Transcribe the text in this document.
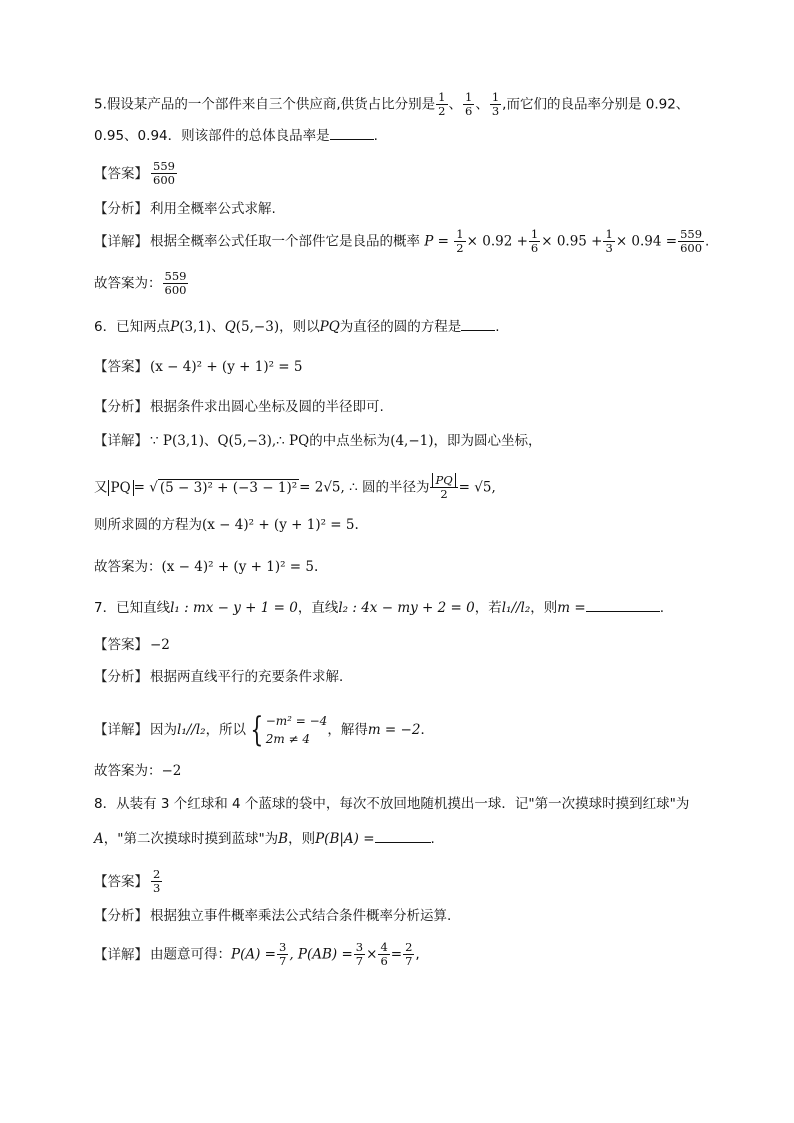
5.假设某产品的一个部件来自三个供应商,供货占比分别是 $\frac{1}{2}$ 、 $\frac{1}{6}$ 、 $\frac{1}{3}$ ,而它们的良品率分别是 0.92、
0.95、0.94．则该部件的总体良品率是	.
【答案】 $\frac{559}{600}$
【分析】 利用全概率公式求解.
【详解】 根据全概率公式任取一个部件它是良品的概率 $P = \frac{1}{2} \times 0.92 + \frac{1}{6} \times 0.95 + \frac{1}{3} \times 0.94 = \frac{559}{600}$ .
故答案为： $\frac{559}{600}$
6．已知两点P(3,1)、Q(5,−3)，则以PQ为直径的圆的方程是	.
【答案】 (x − 4)² + (y + 1)² = 5
【分析】 根据条件求出圆心坐标及圆的半径即可.
【详解】 ∵ P(3,1)、Q(5,−3),∴ PQ的中点坐标为(4,−1)，即为圆心坐标，
又 PQ = √ (5 − 3)² + (−3 − 1)² = 2√5, ∴ 圆的半径为 $\frac{PQ}{2} = √5$,
则所求圆的方程为(x − 4)² + (y + 1)² = 5.
故答案为：(x − 4)² + (y + 1)² = 5.
7．已知直线l₁ : mx − y + 1 = 0，直线l₂ : 4x − my + 2 = 0，若l₁//l₂，则m =	.
【答案】 −2
【分析】 根据两直线平行的充要条件求解．
【详解】 因为l₁//l₂，所以 { −m² = −4
2m ≠ 4
，解得m = −2．
故答案为：−2
8．从装有 3 个红球和 4 个蓝球的袋中，每次不放回地随机摸出一球．记"第一次摸球时摸到红球"为
A，"第二次摸球时摸到蓝球"为B，则P(B|A) =	.
【答案】 $\frac{2}{3}$
【分析】 根据独立事件概率乘法公式结合条件概率分析运算.
【详解】 由题意可得：$P(A) = \frac{3}{7}$ , $P(AB) = \frac{3}{7} \times \frac{4}{6} = \frac{2}{7}$ ,
